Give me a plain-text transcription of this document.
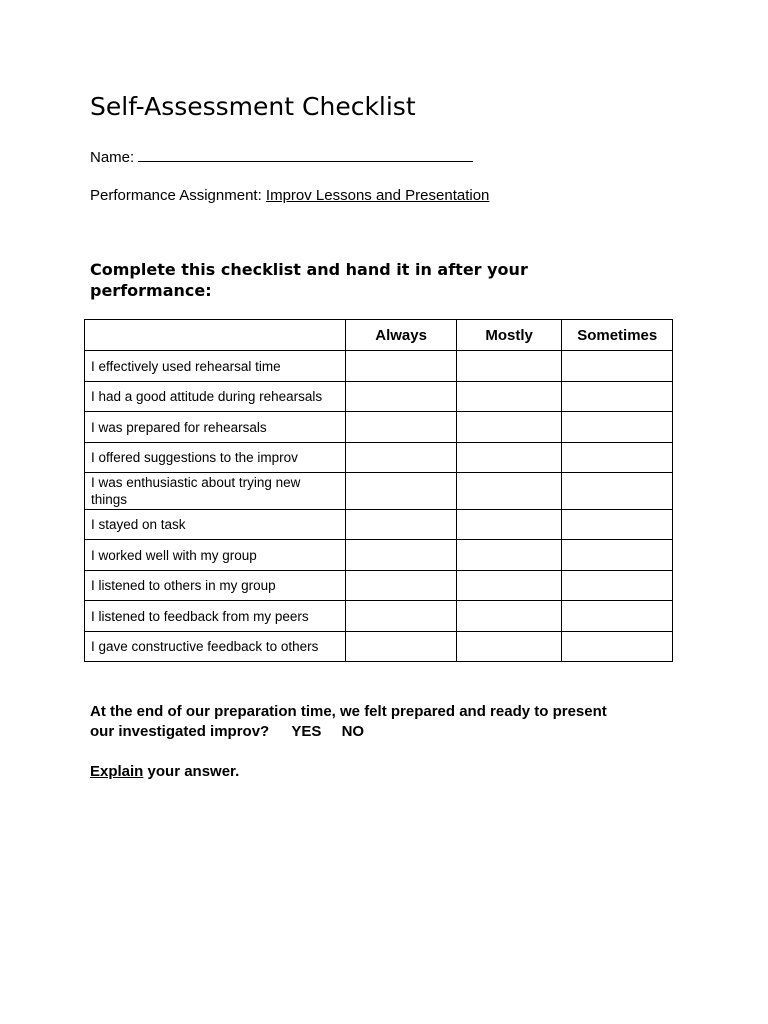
Self-Assessment Checklist
Name:
Performance Assignment: Improv Lessons and Presentation

Complete this checklist and hand it in after your performance:

	Always	Mostly	Sometimes
I effectively used rehearsal time			
I had a good attitude during rehearsals			
I was prepared for rehearsals			
I offered suggestions to the improv			
I was enthusiastic about trying new things			
I stayed on task			
I worked well with my group			
I listened to others in my group			
I listened to feedback from my peers			
I gave constructive feedback to others			
At the end of our preparation time, we felt prepared and ready to present our investigated improv? YES NO
Explain your answer.
